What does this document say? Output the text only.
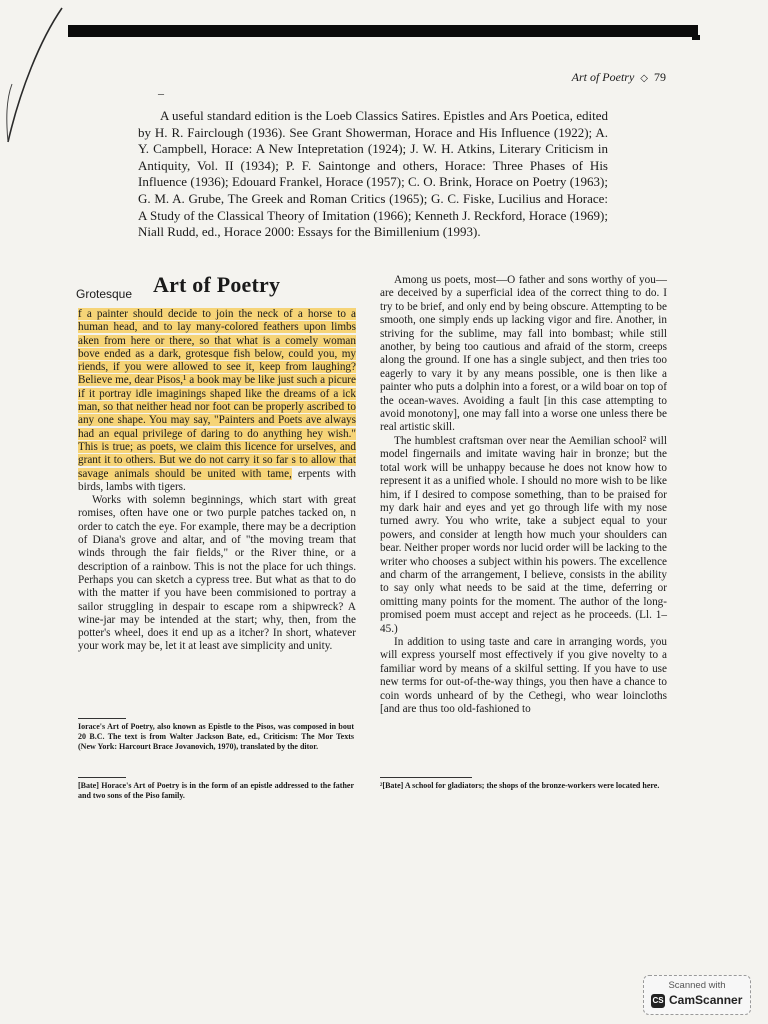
Art of Poetry ◇ 79
–
A useful standard edition is the Loeb Classics Satires. Epistles and Ars Poetica, edited by H. R. Fairclough (1936). See Grant Showerman, Horace and His Influence (1922); A. Y. Campbell, Horace: A New Intepretation (1924); J. W. H. Atkins, Literary Criticism in Antiquity, Vol. II (1934); P. F. Saintonge and others, Horace: Three Phases of His Influence (1936); Edouard Frankel, Horace (1957); C. O. Brink, Horace on Poetry (1963); G. M. A. Grube, The Greek and Roman Critics (1965); G. C. Fiske, Lucilius and Horace: A Study of the Classical Theory of Imitation (1966); Kenneth J. Reckford, Horace (1969); Niall Rudd, ed., Horace 2000: Essays for the Bimillenium (1993).
Grotesque Art of Poetry

f a painter should decide to join the neck of a horse to a human head, and to lay many-colored feathers upon limbs aken from here or there, so that what is a comely woman bove ended as a dark, grotesque fish below, could you, my riends, if you were allowed to see it, keep from laughing? Believe me, dear Pisos,¹ a book may be like just such a picure if it portray idle imaginings shaped like the dreams of a ick man, so that neither head nor foot can be properly ascribed to any one shape. You may say, "Painters and Poets ave always had an equal privilege of daring to do anything hey wish." This is true; as poets, we claim this licence for urselves, and grant it to others. But we do not carry it so far s to allow that savage animals should be united with tame, erpents with birds, lambs with tigers.

Works with solemn beginnings, which start with great romises, often have one or two purple patches tacked on, n order to catch the eye. For example, there may be a decription of Diana's grove and altar, and of "the moving tream that winds through the fair fields," or the River thine, or a description of a rainbow. This is not the place for uch things. Perhaps you can sketch a cypress tree. But what as that to do with the matter if you have been commisioned to portray a sailor struggling in despair to escape rom a shipwreck? A wine-jar may be intended at the start; why, then, from the potter's wheel, does it end up as a itcher? In short, whatever your work may be, let it at least ave simplicity and unity.

Among us poets, most—O father and sons worthy of you—are deceived by a superficial idea of the correct thing to do. I try to be brief, and only end by being obscure. Attempting to be smooth, one simply ends up lacking vigor and fire. Another, in striving for the sublime, may fall into bombast; while still another, by being too cautious and afraid of the storm, creeps along the ground. If one has a single subject, and then tries too eagerly to vary it by any means possible, one is then like a painter who puts a dolphin into a forest, or a wild boar on top of the ocean-waves. Avoiding a fault [in this case attempting to avoid monotony], one may fall into a worse one unless there be real artistic skill.

The humblest craftsman over near the Aemilian school² will model fingernails and imitate waving hair in bronze; but the total work will be unhappy because he does not know how to represent it as a unified whole. I should no more wish to be like him, if I desired to compose something, than to be praised for my dark hair and eyes and yet go through life with my nose turned awry. You who write, take a subject equal to your powers, and consider at length how much your shoulders can bear. Neither proper words nor lucid order will be lacking to the writer who chooses a subject within his powers. The excellence and charm of the arrangement, I believe, consists in the ability to say only what needs to be said at the time, deferring or omitting many points for the moment. The author of the long-promised poem must accept and reject as he proceeds. (Ll. 1–45.)

In addition to using taste and care in arranging words, you will express yourself most effectively if you give novelty to a familiar word by means of a skilful setting. If you have to use new terms for out-of-the-way things, you then have a chance to coin words unheard of by the Cethegi, who wear loincloths [and are thus too old-fashioned to

Iorace's Art of Poetry, also known as Epistle to the Pisos, was composed in bout 20 B.C. The text is from Walter Jackson Bate, ed., Criticism: The Mor Texts (New York: Harcourt Brace Jovanovich, 1970), translated by the ditor.
[Bate] Horace's Art of Poetry is in the form of an epistle addressed to the father and two sons of the Piso family.
²[Bate] A school for gladiators; the shops of the bronze-workers were located here.
Scanned with
CS CamScanner
